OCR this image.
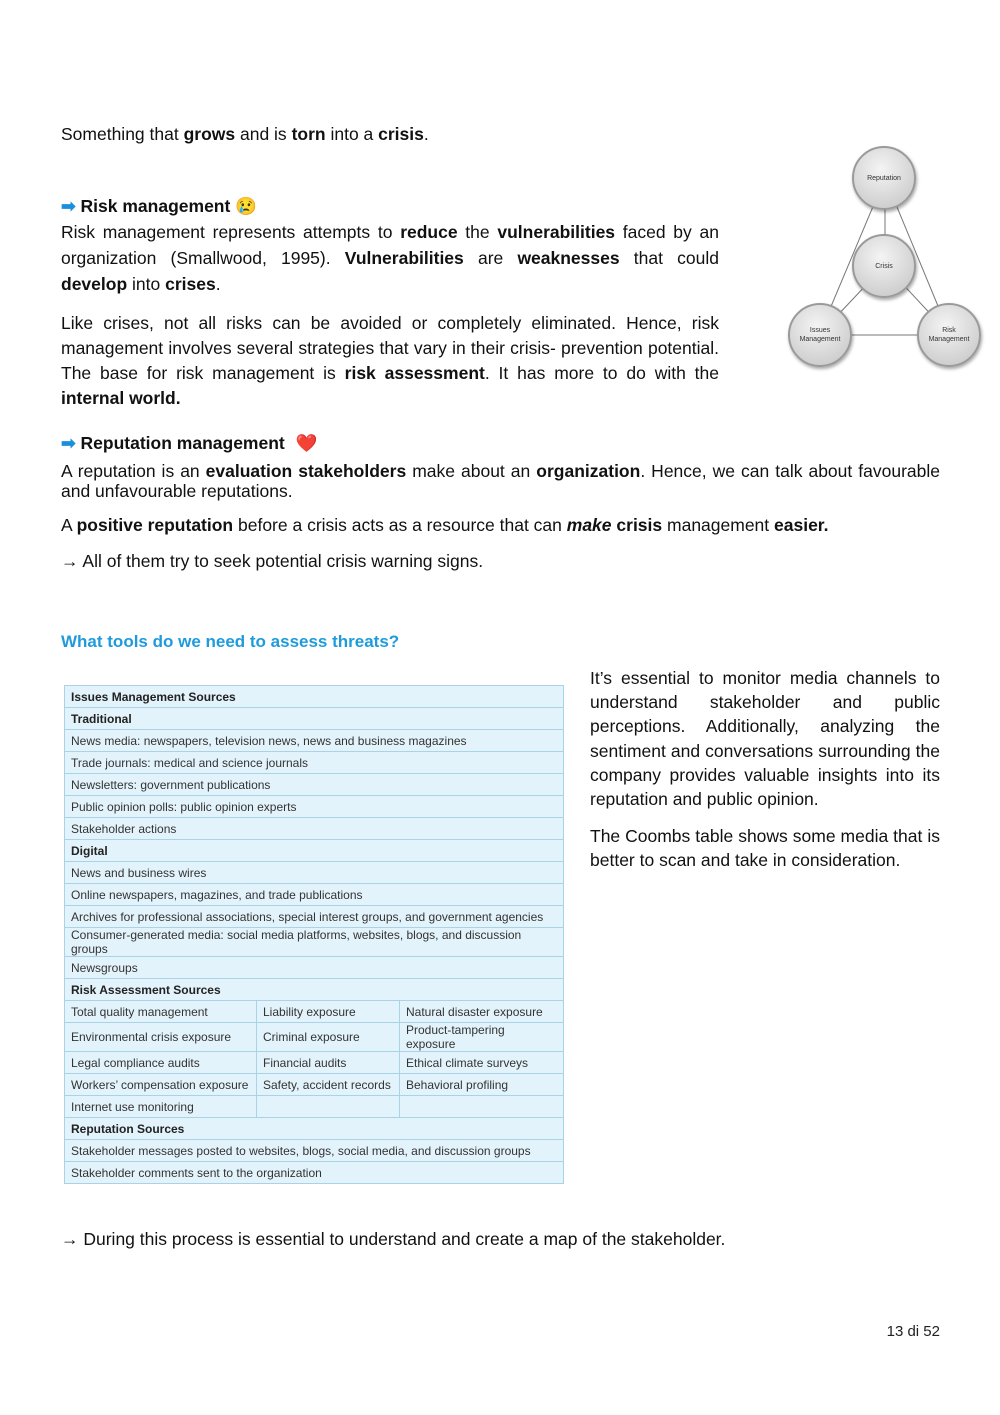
Something that grows and is torn into a crisis.

➡ Risk management 😢

Risk management represents attempts to reduce the vulnerabilities faced by an organization (Smallwood, 1995). Vulnerabilities are weaknesses that could develop into crises.

Like crises, not all risks can be avoided or completely eliminated. Hence, risk management involves several strategies that vary in their crisis- prevention potential. The base for risk management is risk assessment. It has more to do with the internal world.

Reputation
Crisis
Issues Management
Risk Management

➡ Reputation management ❤️

A reputation is an evaluation stakeholders make about an organization. Hence, we can talk about favourable and unfavourable reputations.

A positive reputation before a crisis acts as a resource that can make crisis management easier.

→ All of them try to seek potential crisis warning signs.

What tools do we need to assess threats?

Issues Management Sources		
Traditional		
News media: newspapers, television news, news and business magazines		
Trade journals: medical and science journals		
Newsletters: government publications		
Public opinion polls: public opinion experts		
Stakeholder actions		
Digital		
News and business wires		
Online newspapers, magazines, and trade publications		
Archives for professional associations, special interest groups, and government agencies		
Consumer-generated media: social media platforms, websites, blogs, and discussion groups		
Newsgroups		
Risk Assessment Sources		
Total quality management	Liability exposure	Natural disaster exposure
Environmental crisis exposure	Criminal exposure	Product-tampering exposure
Legal compliance audits	Financial audits	Ethical climate surveys
Workers’ compensation exposure	Safety, accident records	Behavioral profiling
Internet use monitoring		
Reputation Sources		
Stakeholder messages posted to websites, blogs, social media, and discussion groups		
Stakeholder comments sent to the organization		

It’s essential to monitor media channels to understand stakeholder and public perceptions. Additionally, analyzing the sentiment and conversations surrounding the company provides valuable insights into its reputation and public opinion.

The Coombs table shows some media that is better to scan and take in consideration.

→ During this process is essential to understand and create a map of the stakeholder.

13 di 52
